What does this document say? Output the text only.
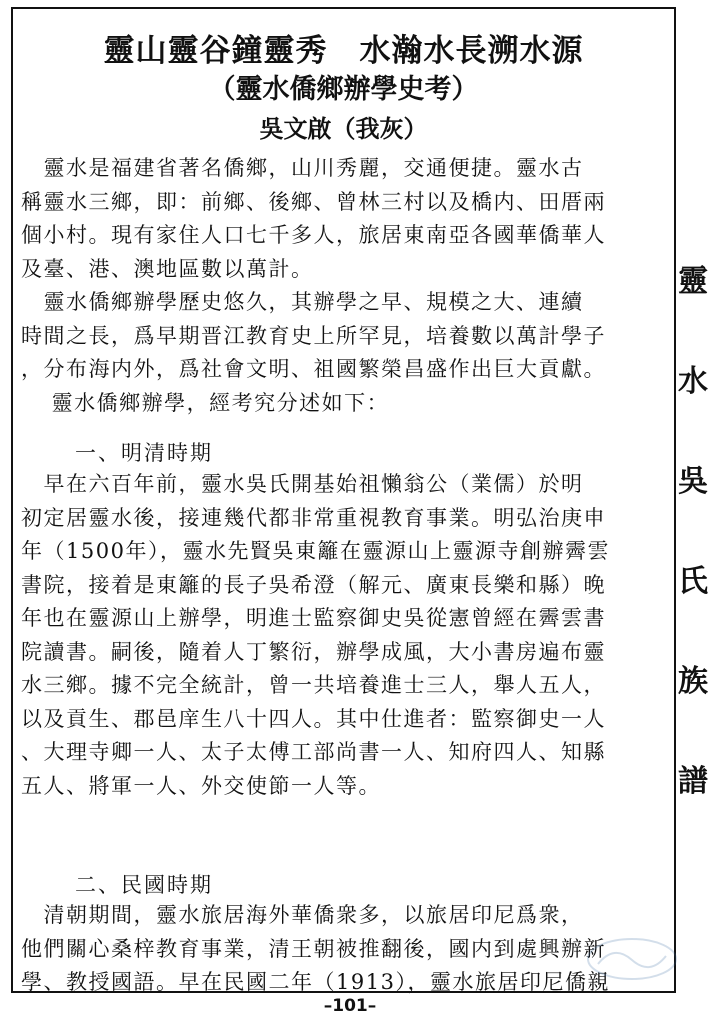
靈山靈谷鐘靈秀　水瀚水長溯水源
（靈水僑鄉辦學史考）
吳文啟（我灰）
　靈水是福建省著名僑鄉，山川秀麗，交通便捷。靈水古
稱靈水三鄉，即：前鄉、後鄉、曾林三村以及橋内、田厝兩
個小村。現有家住人口七千多人，旅居東南亞各國華僑華人
及臺、港、澳地區數以萬計。
　靈水僑鄉辦學歷史悠久，其辦學之早、規模之大、連續
時間之長，爲早期晋江教育史上所罕見，培養數以萬計學子
，分布海内外，爲社會文明、祖國繁榮昌盛作出巨大貢獻。
　 靈水僑鄉辦學，經考究分述如下：
一、明清時期
　早在六百年前，靈水吳氏開基始祖懶翁公（業儒）於明
初定居靈水後，接連幾代都非常重視教育事業。明弘治庚申
年（1500年），靈水先賢吳東籬在靈源山上靈源寺創辦霽雲
書院，接着是東籬的長子吳希澄（解元、廣東長樂和縣）晚
年也在靈源山上辦學，明進士監察御史吳從憲曾經在霽雲書
院讀書。嗣後，隨着人丁繁衍，辦學成風，大小書房遍布靈
水三鄉。據不完全統計，曾一共培養進士三人，舉人五人，
以及貢生、郡邑庠生八十四人。其中仕進者：監察御史一人
、大理寺卿一人、太子太傅工部尚書一人、知府四人、知縣
五人、將軍一人、外交使節一人等。
二、民國時期
　清朝期間，靈水旅居海外華僑衆多，以旅居印尼爲衆，
他們關心桑梓教育事業，清王朝被推翻後，國内到處興辦新
學、教授國語。早在民國二年（1913），靈水旅居印尼僑親
靈
水
吳
氏
族
譜
–101–
